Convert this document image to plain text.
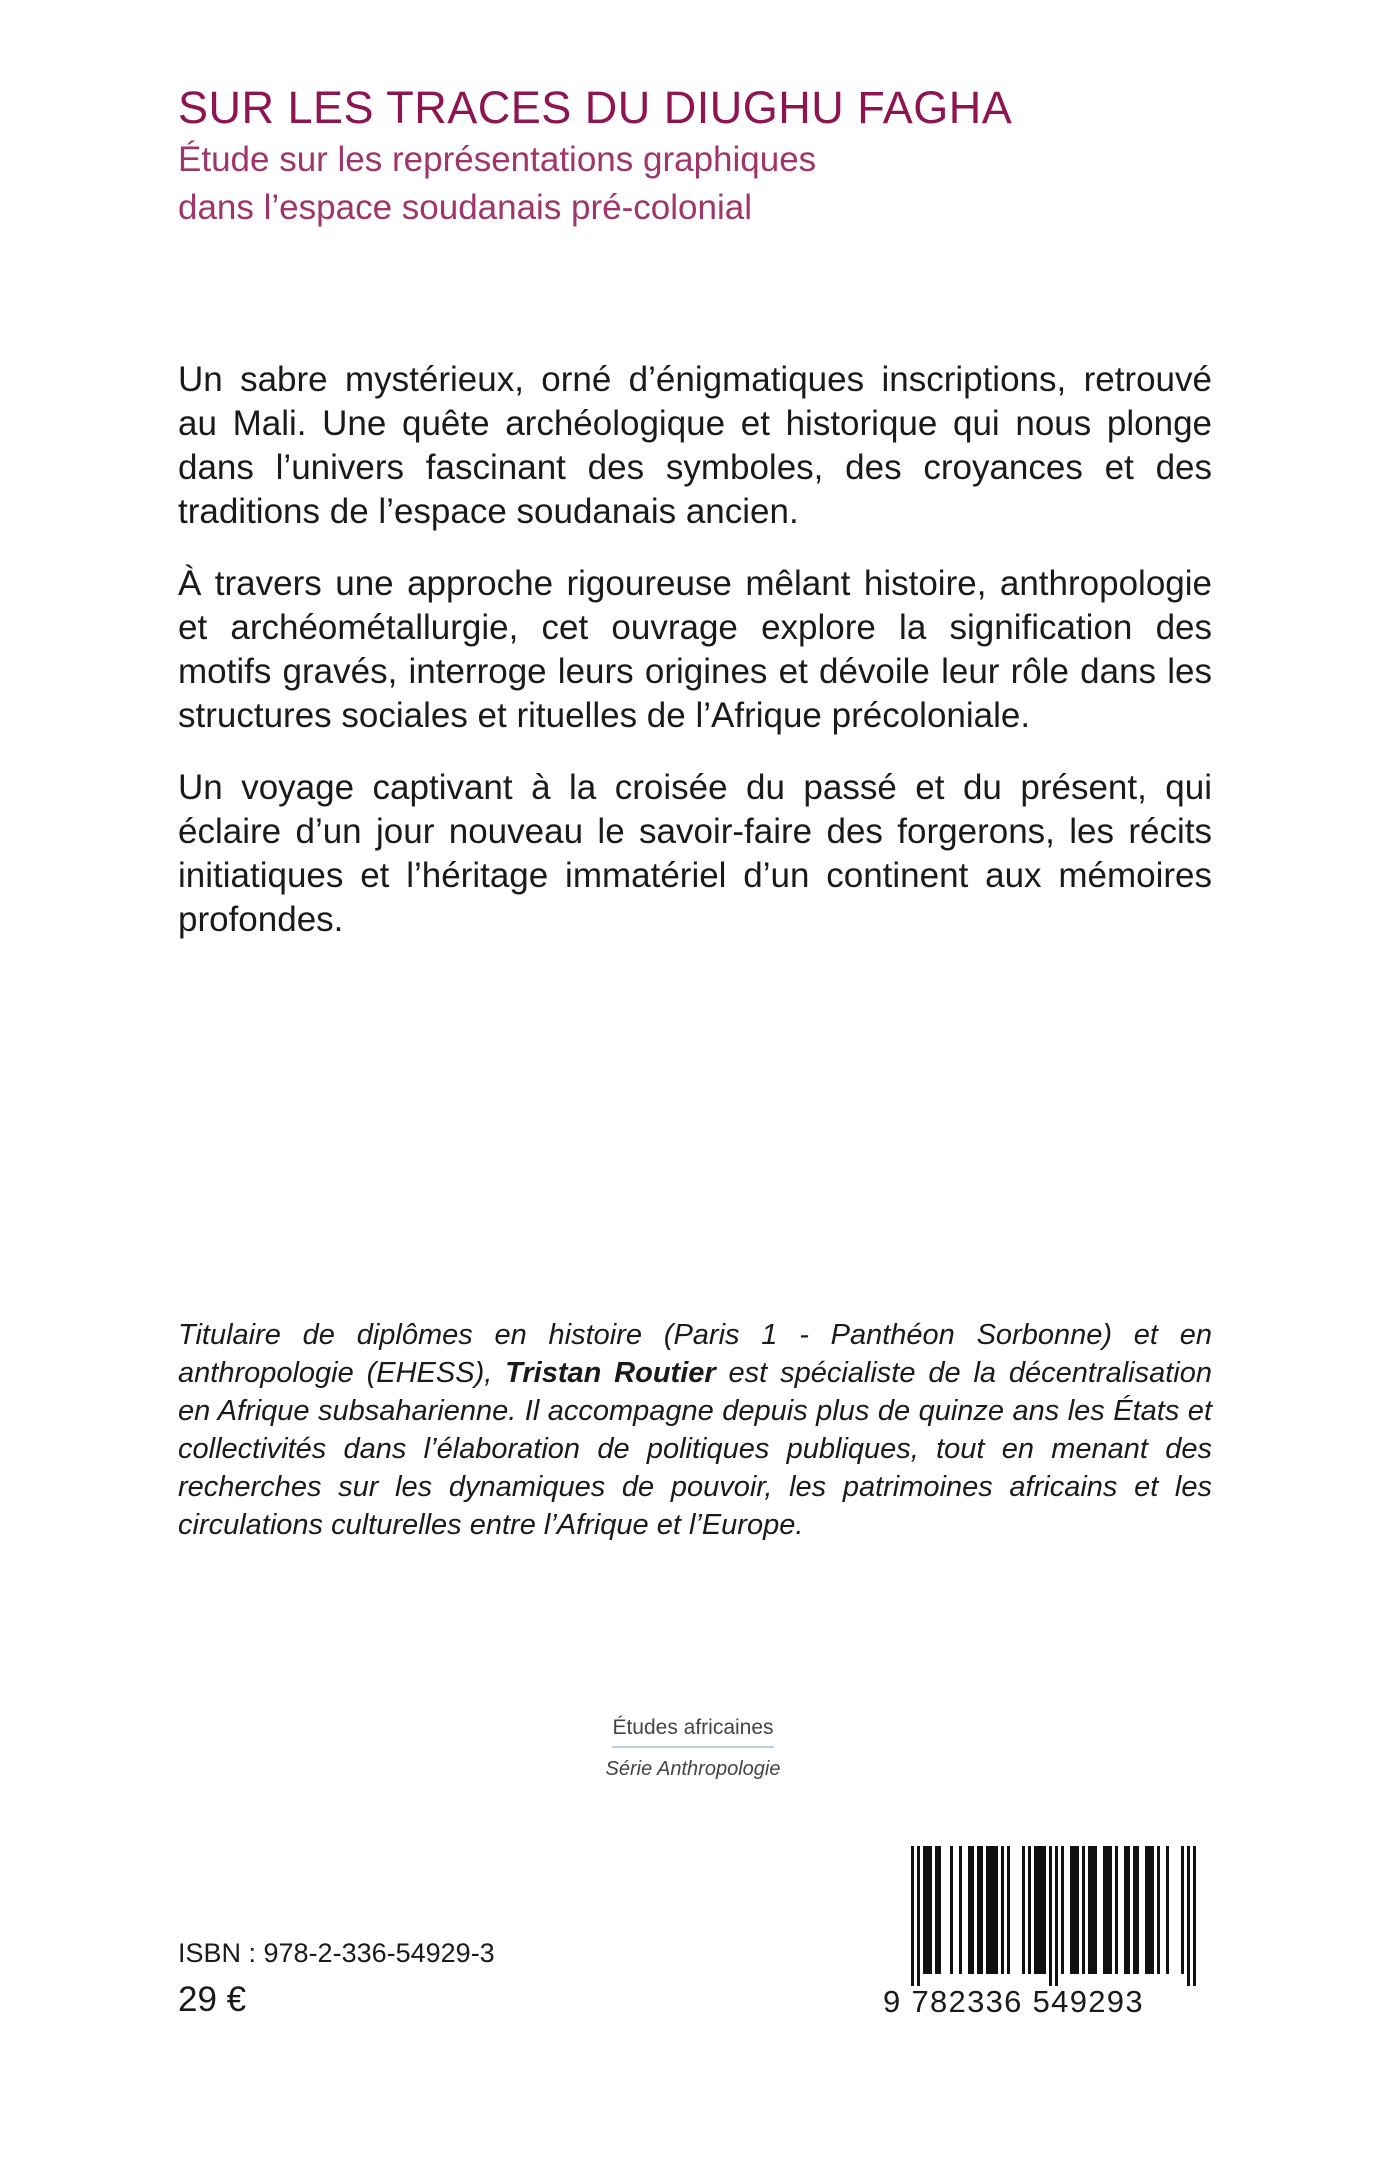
SUR LES TRACES DU DIUGHU FAGHA
Étude sur les représentations graphiques
dans l’espace soudanais pré-colonial

Un sabre mystérieux, orné d’énigmatiques inscriptions, retrouvé au Mali. Une quête archéologique et historique qui nous plonge dans l’univers fascinant des symboles, des croyances et des traditions de l’espace soudanais ancien.

À travers une approche rigoureuse mêlant histoire, anthropologie et archéométallurgie, cet ouvrage explore la signification des motifs gravés, interroge leurs origines et dévoile leur rôle dans les structures sociales et rituelles de l’Afrique précoloniale.

Un voyage captivant à la croisée du passé et du présent, qui éclaire d’un jour nouveau le savoir-faire des forgerons, les récits initiatiques et l’héritage immatériel d’un continent aux mémoires profondes.

Titulaire de diplômes en histoire (Paris 1 - Panthéon Sorbonne) et en anthropologie (EHESS), Tristan Routier est spécialiste de la décentralisation en Afrique subsaharienne. Il accompagne depuis plus de quinze ans les États et collectivités dans l’élaboration de politiques publiques, tout en menant des recherches sur les dynamiques de pouvoir, les patrimoines africains et les circulations culturelles entre l’Afrique et l’Europe.
Études africaines
Série Anthropologie
ISBN : 978-2-336-54929-3
29 €	9 782336 549293
